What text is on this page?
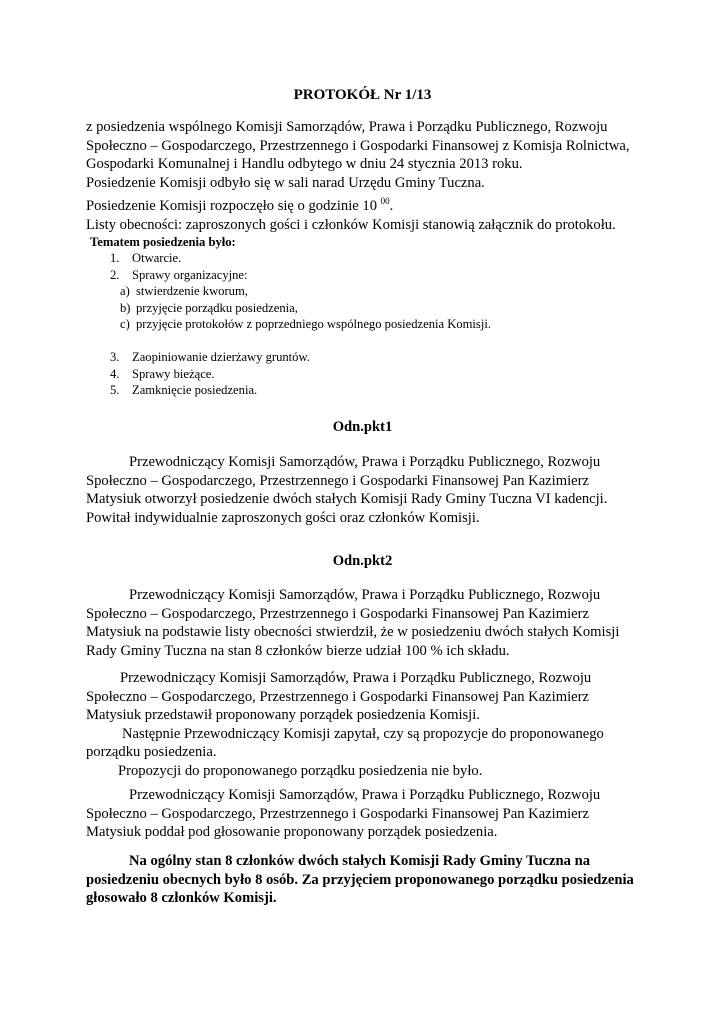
PROTOKÓŁ Nr 1/13
z posiedzenia wspólnego Komisji Samorządów, Prawa i Porządku Publicznego, Rozwoju
Społeczno – Gospodarczego, Przestrzennego i Gospodarki Finansowej z Komisja Rolnictwa,
Gospodarki Komunalnej i Handlu odbytego w dniu 24 stycznia 2013 roku.
Posiedzenie Komisji odbyło się w sali narad Urzędu Gminy Tuczna.
Posiedzenie Komisji rozpoczęło się o godzinie 10 $^{00}$.
Listy obecności: zaproszonych gości i członków Komisji stanowią załącznik do protokołu.
Tematem posiedzenia było:
1. Otwarcie.
2. Sprawy organizacyjne:
a) stwierdzenie kworum,
b) przyjęcie porządku posiedzenia,
c) przyjęcie protokołów z poprzedniego wspólnego posiedzenia Komisji.
3. Zaopiniowanie dzierżawy gruntów.
4. Sprawy bieżące.
5. Zamknięcie posiedzenia.
Odn.pkt1
Przewodniczący Komisji Samorządów, Prawa i Porządku Publicznego, Rozwoju
Społeczno – Gospodarczego, Przestrzennego i Gospodarki Finansowej Pan Kazimierz
Matysiuk otworzył posiedzenie dwóch stałych Komisji Rady Gminy Tuczna VI kadencji.
Powitał indywidualnie zaproszonych gości oraz członków Komisji.
Odn.pkt2
Przewodniczący Komisji Samorządów, Prawa i Porządku Publicznego, Rozwoju
Społeczno – Gospodarczego, Przestrzennego i Gospodarki Finansowej Pan Kazimierz
Matysiuk na podstawie listy obecności stwierdził, że w posiedzeniu dwóch stałych Komisji
Rady Gminy Tuczna na stan 8 członków bierze udział 100 % ich składu.
Przewodniczący Komisji Samorządów, Prawa i Porządku Publicznego, Rozwoju
Społeczno – Gospodarczego, Przestrzennego i Gospodarki Finansowej Pan Kazimierz
Matysiuk przedstawił proponowany porządek posiedzenia Komisji.
Następnie Przewodniczący Komisji zapytał, czy są propozycje do proponowanego
porządku posiedzenia.
Propozycji do proponowanego porządku posiedzenia nie było.
Przewodniczący Komisji Samorządów, Prawa i Porządku Publicznego, Rozwoju
Społeczno – Gospodarczego, Przestrzennego i Gospodarki Finansowej Pan Kazimierz
Matysiuk poddał pod głosowanie proponowany porządek posiedzenia.
Na ogólny stan 8 członków dwóch stałych Komisji Rady Gminy Tuczna na
posiedzeniu obecnych było 8 osób. Za przyjęciem proponowanego porządku posiedzenia
głosowało 8 członków Komisji.
